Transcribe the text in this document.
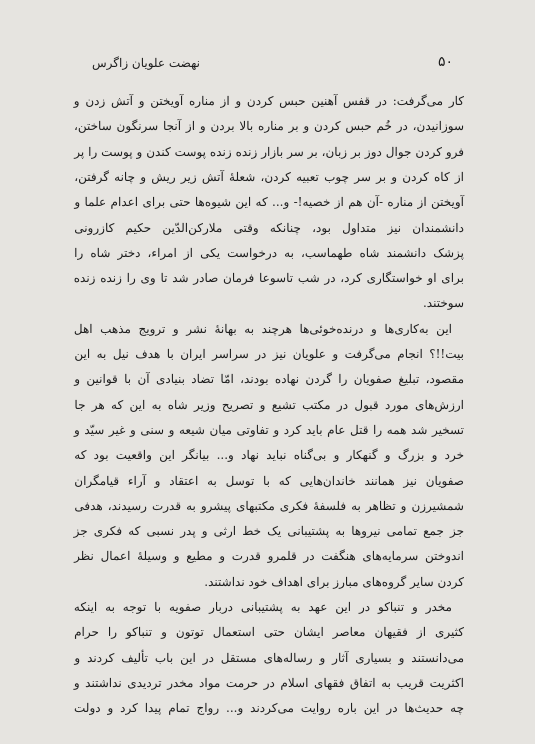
نهضت علویان زاگرس	۵۰
کار می‌گرفت: در قفس آهنین حبس کردن و از مناره آویختن و آتش زدن و
سوزانیدن، در خُم حبس کردن و بر مناره بالا بردن و از آنجا سرنگون ساختن،
فرو کردن جوال دوز بر زبان، بر سر بازار زنده زنده پوست کندن و پوست را پر
از کاه کردن و بر سر چوب تعبیه کردن، شعلهٔ آتش زیر ریش و چانه گرفتن،
آویختن از مناره -آن هم از خصیه!- و... که این شیوه‌ها حتی برای اعدام علما و
دانشمندان نیز متداول بود، چنانکه وقتی ملارکن‌الدّین حکیم کازرونی
پزشک دانشمند شاه طهماسب، به درخواست یکی از امراء، دختر شاه را
برای او خواستگاری کرد، در شب تاسوعا فرمان صادر شد تا وی را زنده زنده
سوختند.
این به‌کاری‌ها و درنده‌خوئی‌ها هرچند به بهانهٔ نشر و ترویج مذهب اهل
بیت!!؟ انجام می‌گرفت و علویان نیز در سراسر ایران با هدف نیل به این
مقصود، تبلیغ صفویان را گردن نهاده بودند، امّا تضاد بنیادی آن با قوانین و
ارزش‌های مورد قبول در مکتب تشیع و تصریح وزیر شاه به این که هر جا
تسخیر شد همه را قتل عام باید کرد و تفاوتی میان شیعه و سنی و غیر سیّد و
خرد و بزرگ و گنهکار و بی‌گناه نباید نهاد و... بیانگر این واقعیت بود که
صفویان نیز همانند خاندان‌هایی که با توسل به اعتقاد و آراء قیامگران
شمشیرزن و تظاهر به فلسفهٔ فکری مکتبهای پیشرو به قدرت رسیدند، هدفی
جز جمع تمامی نیروها به پشتیبانی یک خط ارثی و پدر نسبی که فکری جز
اندوختن سرمایه‌های هنگفت در قلمرو قدرت و مطیع و وسیلهٔ اعمال نظر
کردن سایر گروه‌های مبارز برای اهداف خود نداشتند.
مخدر و تنباکو در این عهد به پشتیبانی دربار صفویه با توجه به اینکه
کثیری از فقیهان معاصر ایشان حتی استعمال توتون و تنباکو را حرام
می‌دانستند و بسیاری آثار و رساله‌های مستقل در این باب تألیف کردند و
اکثریت قریب به اتفاق فقهای اسلام در حرمت مواد مخدر تردیدی نداشتند و
چه حدیث‌ها در این باره روایت می‌کردند و... رواج تمام پیدا کرد و دولت
